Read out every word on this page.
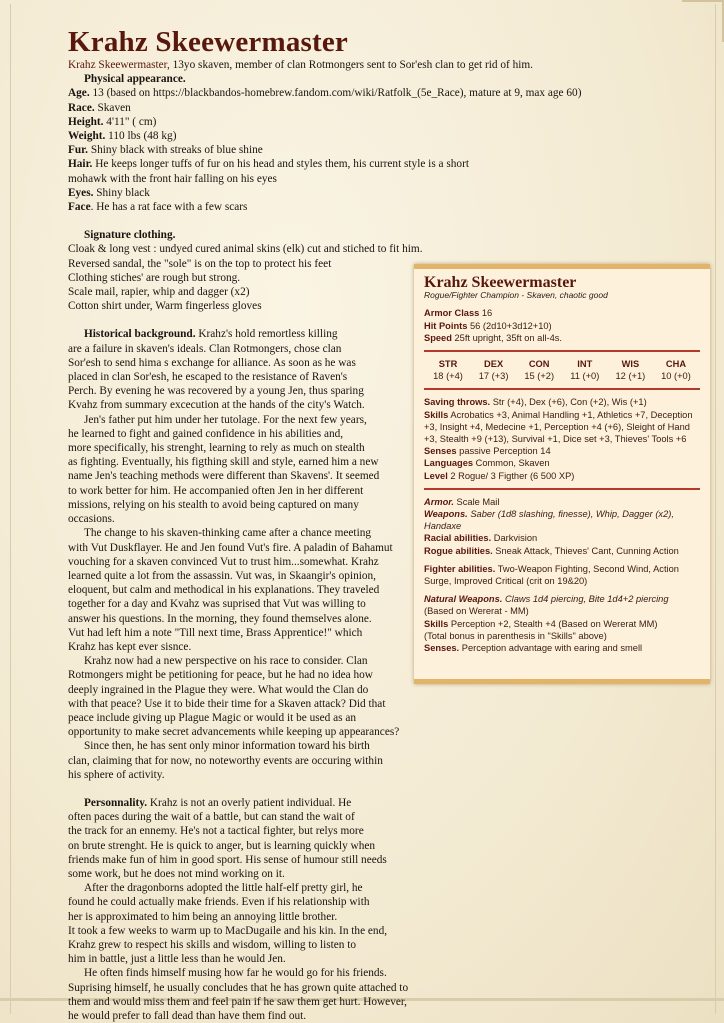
Krahz Skeewermaster

Krahz Skeewermaster, 13yo skaven, member of clan Rotmongers sent to Sor'esh clan to get rid of him.

Physical appearance.

Age. 13 (based on https://blackbandos-homebrew.fandom.com/wiki/Ratfolk_(5e_Race), mature at 9, max age 60)

Race. Skaven

Height. 4'11" ( cm)

Weight. 110 lbs (48 kg)

Fur. Shiny black with streaks of blue shine

Hair. He keeps longer tuffs of fur on his head and styles them, his current style is a short mohawk with the front hair falling on his eyes

Eyes. Shiny black

Face. He has a rat face with a few scars

Signature clothing.

Cloak & long vest : undyed cured animal skins (elk) cut and stiched to fit him.

Reversed sandal, the "sole" is on the top to protect his feet

Clothing stiches' are rough but strong.

Scale mail, rapier, whip and dagger (x2)

Cotton shirt under, Warm fingerless gloves

Historical background. Krahz's hold remortless killing

are a failure in skaven's ideals. Clan Rotmongers, chose clan

Sor'esh to send hima s exchange for alliance. As soon as he was

placed in clan Sor'esh, he escaped to the resistance of Raven's

Perch. By evening he was recovered by a young Jen, thus sparing

Kvahz from summary excecution at the hands of the city's Watch.

Jen's father put him under her tutolage. For the next few years,

he learned to fight and gained confidence in his abilities and,

more specifically, his strenght, learning to rely as much on stealth

as fighting. Eventually, his figthing skill and style, earned him a new

name Jen's teaching methods were different than Skavens'. It seemed

to work better for him. He accompanied often Jen in her different

missions, relying on his stealth to avoid being captured on many

occasions.

The change to his skaven-thinking came after a chance meeting

with Vut Duskflayer. He and Jen found Vut's fire. A paladin of Bahamut

vouching for a skaven convinced Vut to trust him...somewhat. Krahz

learned quite a lot from the assassin. Vut was, in Skaangir's opinion,

eloquent, but calm and methodical in his explanations. They traveled

together for a day and Kvahz was suprised that Vut was willing to

answer his questions. In the morning, they found themselves alone.

Vut had left him a note "Till next time, Brass Apprentice!" which

Krahz has kept ever sisnce.

Krahz now had a new perspective on his race to consider. Clan

Rotmongers might be petitioning for peace, but he had no idea how

deeply ingrained in the Plague they were. What would the Clan do

with that peace? Use it to bide their time for a Skaven attack? Did that

peace include giving up Plague Magic or would it be used as an

opportunity to make secret advancements while keeping up appearances?

Since then, he has sent only minor information toward his birth

clan, claiming that for now, no noteworthy events are occuring within

his sphere of activity.

Personnality. Krahz is not an overly patient individual. He

often paces during the wait of a battle, but can stand the wait of

the track for an ennemy. He's not a tactical fighter, but relys more

on brute strenght. He is quick to anger, but is learning quickly when

friends make fun of him in good sport. His sense of humour still needs

some work, but he does not mind working on it.

After the dragonborns adopted the little half-elf pretty girl, he

found he could actually make friends. Even if his relationship with

her is approximated to him being an annoying little brother.

It took a few weeks to warm up to MacDugaile and his kin. In the end,

Krahz grew to respect his skills and wisdom, willing to listen to

him in battle, just a little less than he would Jen.

He often finds himself musing how far he would go for his friends.

Suprising himself, he usually concludes that he has grown quite attached to

them and would miss them and feel pain if he saw them get hurt. However,

he would prefer to fall dead than have them find out.

Krahz Skeewermaster
Rogue/Fighter Champion - Skaven, chaotic good

Armor Class 16

Hit Points 56 (2d10+3d12+10)

Speed 25ft upright, 35ft on all-4s.

STR	DEX	CON	INT	WIS	CHA
18 (+4)	17 (+3)	15 (+2)	11 (+0)	12 (+1)	10 (+0)

Saving throws. Str (+4), Dex (+6), Con (+2), Wis (+1)

Skills Acrobatics +3, Animal Handling +1, Athletics +7, Deception +3, Insight +4, Medecine +1, Perception +4 (+6), Sleight of Hand +3, Stealth +9 (+13), Survival +1, Dice set +3, Thieves' Tools +6

Senses passive Perception 14

Languages Common, Skaven

Level 2 Rogue/ 3 Figther (6 500 XP)

Armor. Scale Mail

Weapons. Saber (1d8 slashing, finesse), Whip, Dagger (x2), Handaxe

Racial abilities. Darkvision

Rogue abilities. Sneak Attack, Thieves' Cant, Cunning Action

Fighter abilities. Two-Weapon Fighting, Second Wind, Action Surge, Improved Critical (crit on 19&20)

Natural Weapons. Claws 1d4 piercing, Bite 1d4+2 piercing (Based on Wererat - MM)

Skills Perception +2, Stealth +4 (Based on Wererat MM)

(Total bonus in parenthesis in "Skills" above)

Senses. Perception advantage with earing and smell
